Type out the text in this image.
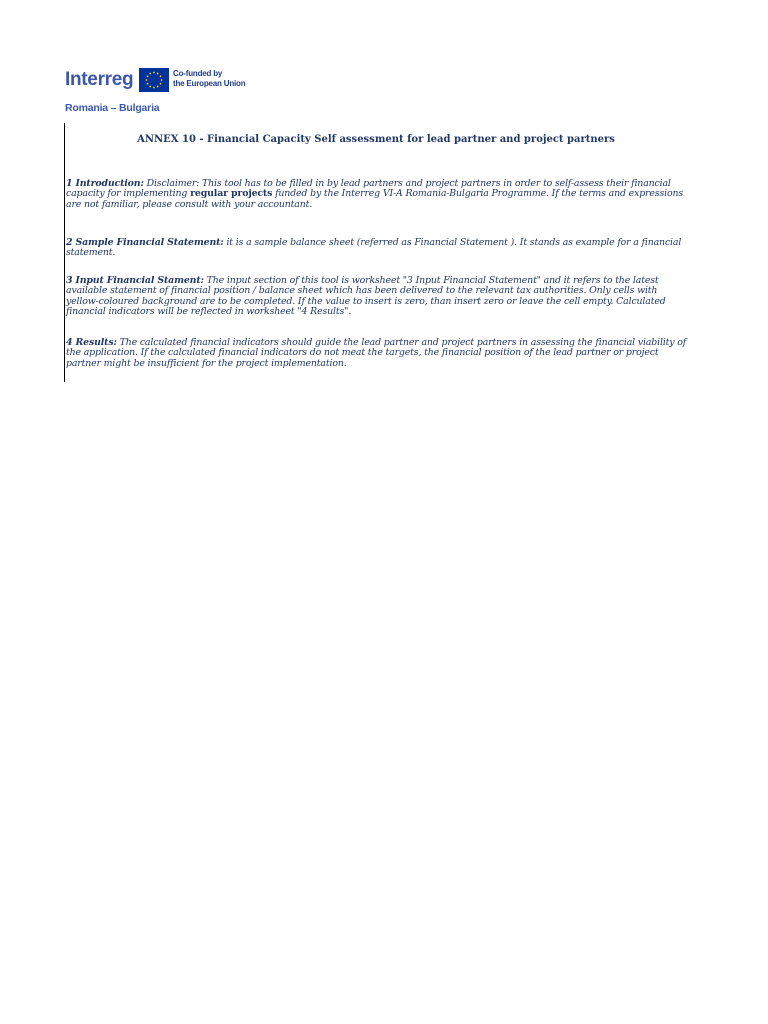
Interreg	Co-funded by
the European Union
Romania – Bulgaria
ANNEX 10 - Financial Capacity Self assessment for lead partner and project partners
1 Introduction: Disclaimer: This tool has to be filled in by lead partners and project partners in order to self-assess their financial capacity for implementing regular projects funded by the Interreg VI-A Romania-Bulgaria Programme. If the terms and expressions are not familiar, please consult with your accountant.
2 Sample Financial Statement: it is a sample balance sheet (referred as Financial Statement ). It stands as example for a financial statement.
3 Input Financial Stament: The input section of this tool is worksheet "3 Input Financial Statement" and it refers to the latest available statement of financial position / balance sheet which has been delivered to the relevant tax authorities. Only cells with yellow-coloured background are to be completed. If the value to insert is zero, than insert zero or leave the cell empty. Calculated financial indicators will be reflected in worksheet "4 Results".
4 Results: The calculated financial indicators should guide the lead partner and project partners in assessing the financial viability of the application. If the calculated financial indicators do not meat the targets, the financial position of the lead partner or project partner might be insufficient for the project implementation.
